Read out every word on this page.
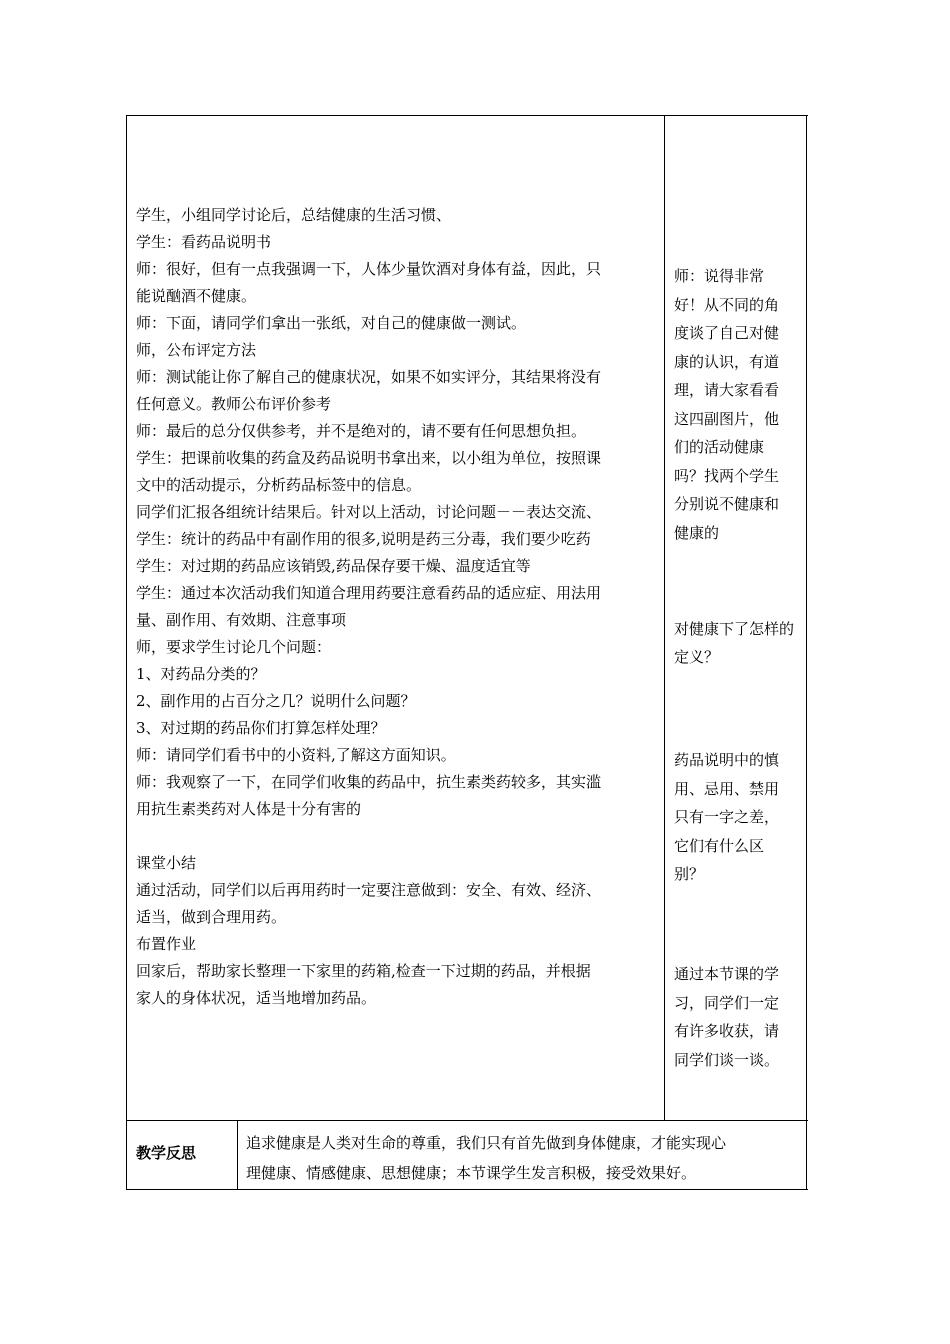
学生，小组同学讨论后，总结健康的生活习惯、
学生：看药品说明书
师：很好，但有一点我强调一下，人体少量饮酒对身体有益，因此，只
能说酗酒不健康。
师：下面，请同学们拿出一张纸，对自己的健康做一测试。
师，公布评定方法
师：测试能让你了解自己的健康状况，如果不如实评分，其结果将没有
任何意义。教师公布评价参考
师：最后的总分仅供参考，并不是绝对的，请不要有任何思想负担。
学生：把课前收集的药盒及药品说明书拿出来，以小组为单位，按照课
文中的活动提示，分析药品标签中的信息。
同学们汇报各组统计结果后。针对以上活动，讨论问题－－表达交流、
学生：统计的药品中有副作用的很多,说明是药三分毒，我们要少吃药
学生：对过期的药品应该销毁,药品保存要干燥、温度适宜等
学生：通过本次活动我们知道合理用药要注意看药品的适应症、用法用
量、副作用、有效期、注意事项
师，要求学生讨论几个问题：
1、对药品分类的？
2、副作用的占百分之几？说明什么问题？
3、对过期的药品你们打算怎样处理？
师：请同学们看书中的小资料,了解这方面知识。
师：我观察了一下，在同学们收集的药品中，抗生素类药较多，其实滥
用抗生素类药对人体是十分有害的
课堂小结
通过活动，同学们以后再用药时一定要注意做到：安全、有效、经济、
适当，做到合理用药。
布置作业
回家后，帮助家长整理一下家里的药箱,检查一下过期的药品，并根据
家人的身体状况，适当地增加药品。
师：说得非常
好！从不同的角
度谈了自己对健
康的认识，有道
理，请大家看看
这四副图片，他
们的活动健康
吗？找两个学生
分别说不健康和
健康的
对健康下了怎样的
定义？
药品说明中的慎
用、忌用、禁用
只有一字之差，
它们有什么区
别？
通过本节课的学
习，同学们一定
有许多收获，请
同学们谈一谈。
教学反思
追求健康是人类对生命的尊重，我们只有首先做到身体健康，才能实现心
理健康、情感健康、思想健康；本节课学生发言积极，接受效果好。
